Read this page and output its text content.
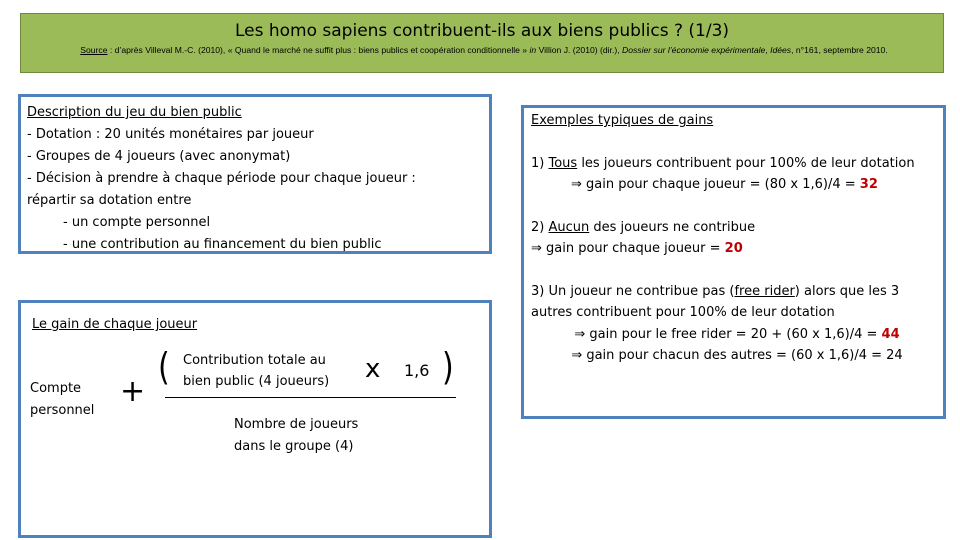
Les homo sapiens contribuent-ils aux biens publics ? (1/3)
Source : d’après Villeval M.-C. (2010), « Quand le marché ne suffit plus : biens publics et coopération conditionnelle » in Villion J. (2010) (dir.), Dossier sur l’économie expérimentale, Idées, n°161, septembre 2010.
Description du jeu du bien public
- Dotation : 20 unités monétaires par joueur
- Groupes de 4 joueurs (avec anonymat)
- Décision à prendre à chaque période pour chaque joueur :
répartir sa dotation entre
- un compte personnel
- une contribution au financement du bien public
Le gain de chaque joueur
Compte
personnel
+
( Contribution totale au
bien public (4 joueurs) x 1,6 )
Nombre de joueurs
dans le groupe (4)
Exemples typiques de gains
1) Tous les joueurs contribuent pour 100% de leur dotation
⇒ gain pour chaque joueur = (80 x 1,6)/4 = 32
2) Aucun des joueurs ne contribue
⇒ gain pour chaque joueur = 20
3) Un joueur ne contribue pas (free rider) alors que les 3 autres contribuent pour 100% de leur dotation
⇒ gain pour le free rider = 20 + (60 x 1,6)/4 = 44
⇒ gain pour chacun des autres = (60 x 1,6)/4 = 24
